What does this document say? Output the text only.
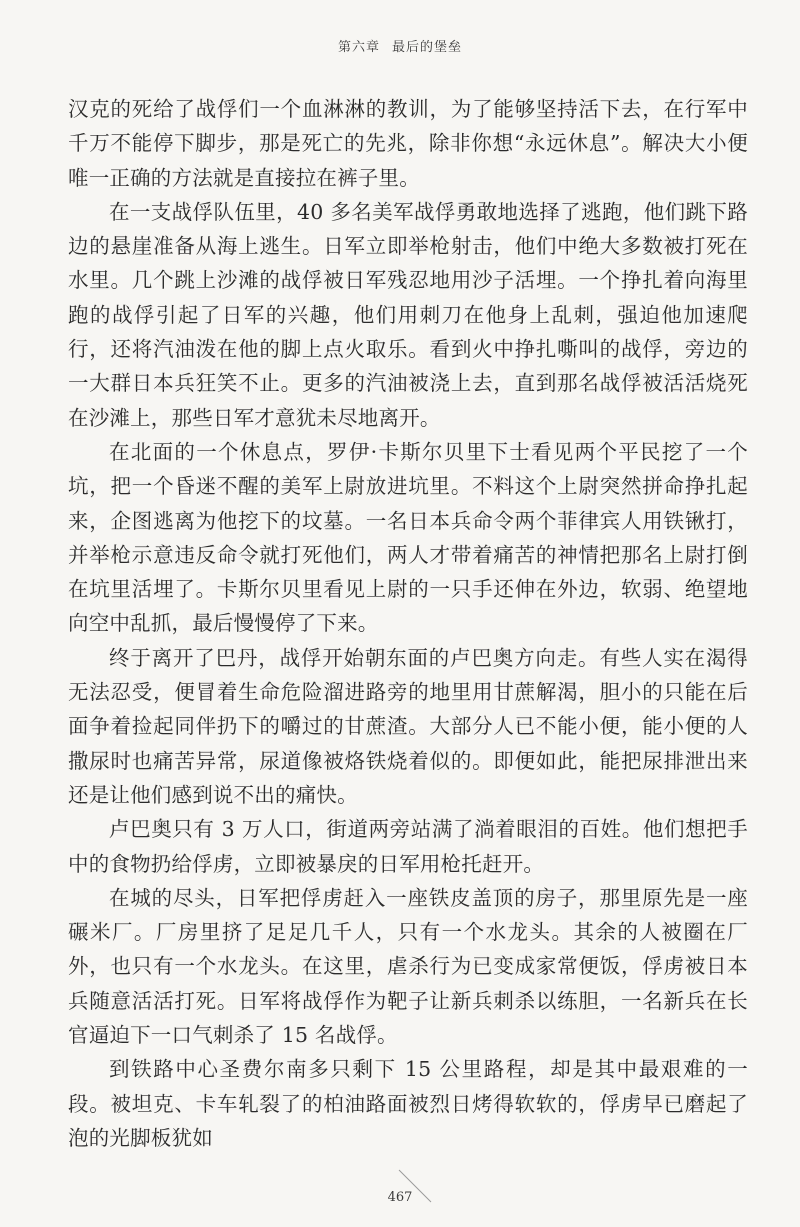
第六章 最后的堡垒

汉克的死给了战俘们一个血淋淋的教训，为了能够坚持活下去，在行军中千万不能停下脚步，那是死亡的先兆，除非你想“永远休息”。解决大小便唯一正确的方法就是直接拉在裤子里。

在一支战俘队伍里，40 多名美军战俘勇敢地选择了逃跑，他们跳下路边的悬崖准备从海上逃生。日军立即举枪射击，他们中绝大多数被打死在水里。几个跳上沙滩的战俘被日军残忍地用沙子活埋。一个挣扎着向海里跑的战俘引起了日军的兴趣，他们用刺刀在他身上乱刺，强迫他加速爬行，还将汽油泼在他的脚上点火取乐。看到火中挣扎嘶叫的战俘，旁边的一大群日本兵狂笑不止。更多的汽油被浇上去，直到那名战俘被活活烧死在沙滩上，那些日军才意犹未尽地离开。

在北面的一个休息点，罗伊·卡斯尔贝里下士看见两个平民挖了一个坑，把一个昏迷不醒的美军上尉放进坑里。不料这个上尉突然拼命挣扎起来，企图逃离为他挖下的坟墓。一名日本兵命令两个菲律宾人用铁锹打，并举枪示意违反命令就打死他们，两人才带着痛苦的神情把那名上尉打倒在坑里活埋了。卡斯尔贝里看见上尉的一只手还伸在外边，软弱、绝望地向空中乱抓，最后慢慢停了下来。

终于离开了巴丹，战俘开始朝东面的卢巴奥方向走。有些人实在渴得无法忍受，便冒着生命危险溜进路旁的地里用甘蔗解渴，胆小的只能在后面争着捡起同伴扔下的嚼过的甘蔗渣。大部分人已不能小便，能小便的人撒尿时也痛苦异常，尿道像被烙铁烧着似的。即便如此，能把尿排泄出来还是让他们感到说不出的痛快。

卢巴奥只有 3 万人口，街道两旁站满了淌着眼泪的百姓。他们想把手中的食物扔给俘虏，立即被暴戾的日军用枪托赶开。

在城的尽头，日军把俘虏赶入一座铁皮盖顶的房子，那里原先是一座碾米厂。厂房里挤了足足几千人，只有一个水龙头。其余的人被圈在厂外，也只有一个水龙头。在这里，虐杀行为已变成家常便饭，俘虏被日本兵随意活活打死。日军将战俘作为靶子让新兵刺杀以练胆，一名新兵在长官逼迫下一口气刺杀了 15 名战俘。

到铁路中心圣费尔南多只剩下 15 公里路程，却是其中最艰难的一段。被坦克、卡车轧裂了的柏油路面被烈日烤得软软的，俘虏早已磨起了泡的光脚板犹如

467
